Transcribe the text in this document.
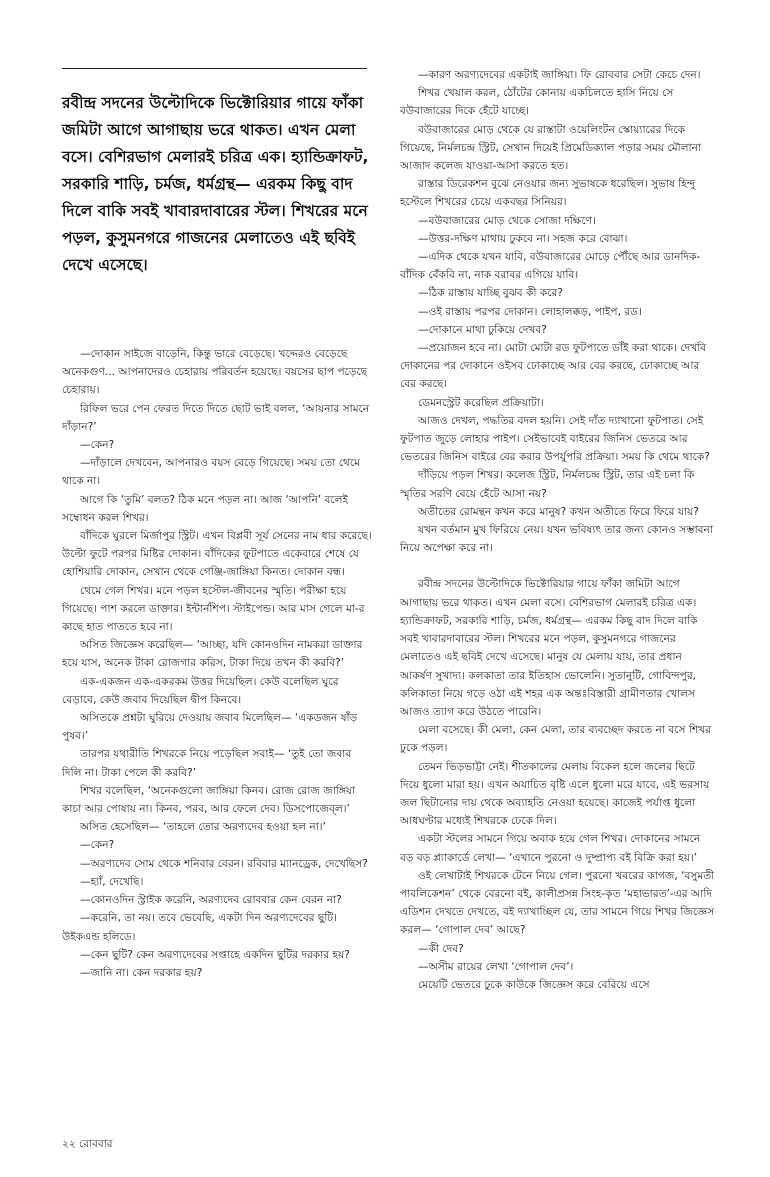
রবীন্দ্র সদনের উল্টোদিকে ভিক্টোরিয়ার গায়ে ফাঁকা জমিটা আগে আগাছায় ভরে থাকত। এখন মেলা বসে। বেশিরভাগ মেলারই চরিত্র এক। হ্যান্ডিক্রাফট, সরকারি শাড়ি, চর্মজ, ধর্মগ্রন্থ— এরকম কিছু বাদ দিলে বাকি সবই খাবারদাবারের স্টল। শিখরের মনে পড়ল, কুসুমনগরে গাজনের মেলাতেও এই ছবিই দেখে এসেছে।

—দোকান সাইজে বাড়েনি, কিন্তু ভারে বেড়েছে। খদ্দেরও বেড়েছে অনেকগুণ... আপনাদেরও চেহারায় পরিবর্তন হয়েছে। বয়সের ছাপ পড়েছে চেহারায়।

রিফিল ভরে পেন ফেরত দিতে দিতে ছোট ভাই বলল, ‘আয়নার সামনে দাঁড়ান?’

—কেন?

—দাঁড়ালে দেখবেন, আপনারও বয়স বেড়ে গিয়েছে। সময় তো থেমে থাকে না।

আগে কি ‘তুমি’ বলত? ঠিক মনে পড়ল না। আজ ‘আপনি’ বলেই সম্বোধন করল শিখর।

বাঁদিকে ঘুরলে মির্জাপুর স্ট্রিট। এখন বিপ্লবী সূর্য সেনের নাম ধার করেছে। উল্টো ফুটে পরপর মিষ্টির দোকান। বাঁদিকের ফুটপাতে একেবারে শেষে যে হোশিয়ারি দোকান, সেখান থেকে গেঞ্জি-জাঙ্গিয়া কিনত। দোকান বন্ধ।

থেমে গেল শিখর। মনে পড়ল হস্টেল-জীবনের স্মৃতি। পরীক্ষা হয়ে গিয়েছে। পাশ করলে ডাক্তার। ইন্টার্নশিপ। স্টাইপেন্ড। আর মাস গেলে মা-র কাছে হাত পাততে হবে না।

অসিত জিজ্ঞেস করেছিল— ‘আচ্ছা, যদি কোনওদিন নামকরা ডাক্তার হয়ে যাস, অনেক টাকা রোজগার করিস, টাকা দিয়ে তখন কী করবি?’

এক-একজন এক-একরকম উত্তর দিয়েছিল। কেউ বলেছিল ঘুরে বেড়াবে, কেউ জবাব দিয়েছিল দ্বীপ কিনবে।

অসিতকে প্রশ্নটা ঘুরিয়ে দেওয়ায় জবাব মিলেছিল— ‘একডজন ষাঁড় পুষব।’

তারপর যথারীতি শিখরকে নিয়ে পড়েছিল সবাই— ‘তুই তো জবাব দিলি না। টাকা পেলে কী করবি?’

শিখর বলেছিল, ‘অনেকগুলো জাঙ্গিয়া কিনব। রোজ রোজ জাঙ্গিয়া কাচা আর পোষায় না। কিনব, পরব, আর ফেলে দেব। ডিসপোজেব্‌ল।’

অসিত হেসেছিল— ‘তাহলে তোর অরণ্যদেব হওয়া হল না।’

—কেন?

—অরণ্যদেব সোম থেকে শনিবার বেরন। রবিবার ম্যানড্রেক, দেখেছিস?

—হ্যাঁ, দেখেছি।

—কোনওদিন স্ট্রাইক করেনি, অরণ্যদেব রোববার কেন বেরন না?

—করেনি, তা নয়। তবে ভেবেছি, একটা দিন অরণ্যদেবের ছুটি। উইকএন্ড হলিডে।

—কেন ছুটি? কেন অরণ্যদেবের সপ্তাহে একদিন ছুটির দরকার হয়?

—জানি না। কেন দরকার হয়?

—কারণ অরণ্যদেবের একটাই জাঙ্গিয়া। ফি রোববার সেটা কেচে দেন।

শিখর খেয়াল করল, ঠোঁটের কোনায় একচিলতে হাসি নিয়ে সে বউবাজারের দিকে হেঁটে যাচ্ছে।

বউবাজারের মোড় থেকে যে রাস্তাটা ওয়েলিংটন স্কোয়্যারের দিকে গিয়েছে, নির্মলচন্দ্র স্ট্রিট, সেখান দিয়েই প্রিমেডিক্যাল পড়ার সময় মৌলানা আজাদ কলেজ যাওয়া-আসা করতে হত।

রাস্তার ডিরেকশন বুঝে নেওয়ার জন্য সুভাষকে ধরেছিল। সুভাষ হিন্দু হস্টেলে শিখরের চেয়ে একবছর সিনিয়র।

—বউবাজারের মোড় থেকে সোজা দক্ষিণে।

—উত্তর-দক্ষিণ মাথায় ঢুকবে না। সহজ করে বোঝা।

—এদিক থেকে যখন যাবি, বউবাজারের মোড়ে পৌঁছে আর ডানদিক-বাঁদিক বেঁকবি না, নাক বরাবর এগিয়ে যাবি।

—ঠিক রাস্তায় যাচ্ছি বুঝব কী করে?

—ওই রাস্তায় পরপর দোকান। লোহালক্কড়, পাইপ, রড।

—দোকানে মাথা ঢুকিয়ে দেখব?

—প্রয়োজন হবে না। মোটা মোটা রড ফুটপাতে ডাঁই করা থাকে। দেখবি দোকানের পর দোকানে ওইসব ঢোকাচ্ছে আর বের করছে, ঢোকাচ্ছে আর বের করছে।

ডেমনস্ট্রেট করেছিল প্রক্রিয়াটা।

আজও দেখল, পদ্ধতির বদল হয়নি। সেই দাঁত দ্যাখানো ফুটপাত। সেই ফুটপাত জুড়ে লোহার পাইপ। সেইভাবেই বাইরের জিনিস ভেতরে আর ভেতরের জিনিস বাইরে বের করার উপর্যুপরি প্রক্রিয়া। সময় কি থেমে থাকে?

দাঁড়িয়ে পড়ল শিখর। কলেজ স্ট্রিট, নির্মলচন্দ্র স্ট্রিট, তার এই চলা কি স্মৃতির সরণি বেয়ে হেঁটে আসা নয়?

অতীতের রোমন্থন কখন করে মানুষ? কখন অতীতে ফিরে ফিরে যায়?

যখন বর্তমান মুখ ফিরিয়ে নেয়। যখন ভবিষ্যৎ তার জন্য কোনও সম্ভাবনা নিয়ে অপেক্ষা করে না।

রবীন্দ্র সদনের উল্টোদিকে ভিক্টোরিয়ার গায়ে ফাঁকা জমিটা আগে আগাছায় ভরে থাকত। এখন মেলা বসে। বেশিরভাগ মেলারই চরিত্র এক। হ্যান্ডিক্রাফট, সরকারি শাড়ি, চর্মজ, ধর্মগ্রন্থ— এরকম কিছু বাদ দিলে বাকি সবই খাবারদাবারের স্টল। শিখরের মনে পড়ল, কুসুমনগরে গাজনের মেলাতেও এই ছবিই দেখে এসেছে। মানুষ যে মেলায় যায়, তার প্রধান আকর্ষণ সুখাদ্য। কলকাতা তার ইতিহাস ভোলেনি। সুতানুটি, গোবিন্দপুর, কলিকাতা নিয়ে গড়ে ওঠা এই শহর এক অন্তঃবিস্তারী গ্রামীণতার খোলস আজও ত্যাগ করে উঠতে পারেনি।

মেলা বসেছে। কী মেলা, কেন মেলা, তার ব্যবচ্ছেদ করতে না বসে শিখর ঢুকে পড়ল।

তেমন ভিড়ভাট্টা নেই। শীতকালের মেলায় বিকেল হলে জলের ছিটে দিয়ে ধুলো মারা হয়। এখন অযাচিত বৃষ্টি এলে ধুলো মরে যাবে, এই ভরসায় জল ছিটানোর দায় থেকে অব্যাহতি নেওয়া হয়েছে। কাজেই পর্যাপ্ত ধুলো আধঘণ্টার মধ্যেই শিখরকে ঢেকে দিল।

একটা স্টলের সামনে গিয়ে অবাক হয়ে গেল শিখর। দোকানের সামনে বড় বড় প্ল্যাকার্ডে লেখা— ‘এখানে পুরনো ও দুষ্প্রাপ্য বই বিক্রি করা হয়।’

ওই লেখাটাই শিখরকে টেনে নিয়ে গেল। পুরনো খবরের কাগজ, ‘বসুমতী পাবলিকেশন’ থেকে বেরনো বই, কালীপ্রসন্ন সিংহ-কৃত ‘মহাভারত’-এর আদি এডিশন দেখতে দেখতে, বই দ্যাখাচ্ছিল যে, তার সামনে গিয়ে শিখর জিজ্ঞেস করল— ‘গোপাল দেব’ আছে?

—কী দেব?

—অসীম রায়ের লেখা ‘গোপাল দেব’।

মেয়েটি ভেতরে ঢুকে কাউকে জিজ্ঞেস করে বেরিয়ে এসে

২২ রোববার
